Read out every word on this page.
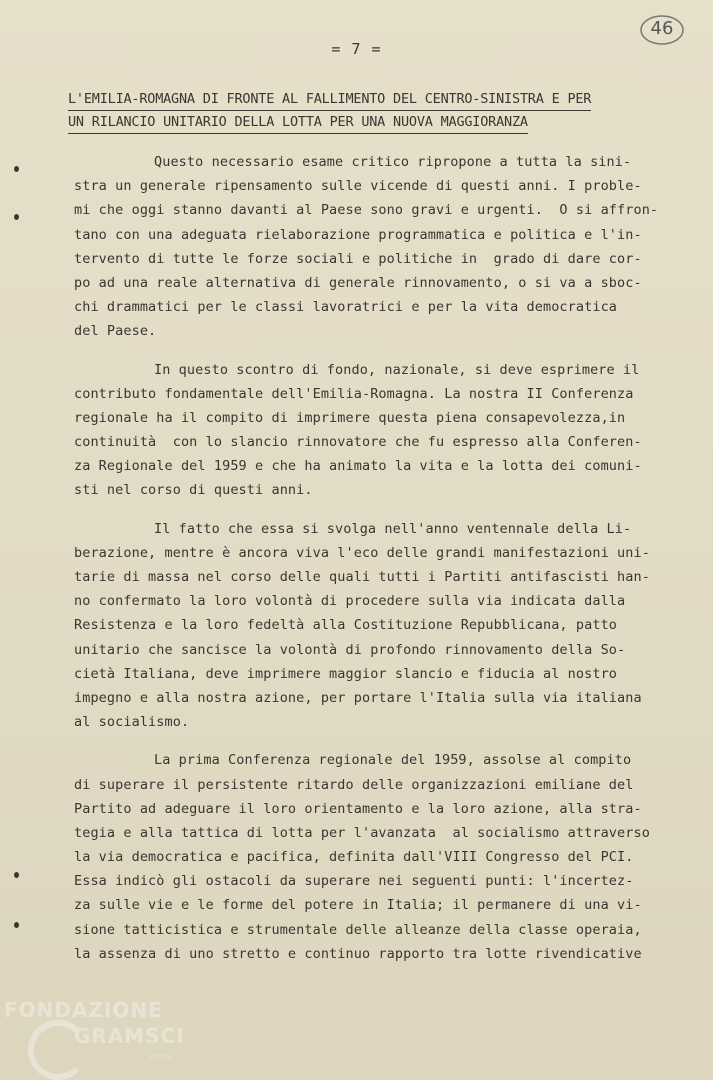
= 7 =
46
L'EMILIA-ROMAGNA DI FRONTE AL FALLIMENTO DEL CENTRO-SINISTRA E PER
UN RILANCIO UNITARIO DELLA LOTTA PER UNA NUOVA MAGGIORANZA
Questo necessario esame critico ripropone a tutta la sini-
stra un generale ripensamento sulle vicende di questi anni. I proble-
mi che oggi stanno davanti al Paese sono gravi e urgenti.  O si affron-
tano con una adeguata rielaborazione programmatica e politica e l'in-
tervento di tutte le forze sociali e politiche in  grado di dare cor-
po ad una reale alternativa di generale rinnovamento, o si va a sboc-
chi drammatici per le classi lavoratrici e per la vita democratica
del Paese.
In questo scontro di fondo, nazionale, si deve esprimere il
contributo fondamentale dell'Emilia-Romagna. La nostra II Conferenza
regionale ha il compito di imprimere questa piena consapevolezza,in
continuità  con lo slancio rinnovatore che fu espresso alla Conferen-
za Regionale del 1959 e che ha animato la vita e la lotta dei comuni-
sti nel corso di questi anni.
Il fatto che essa si svolga nell'anno ventennale della Li-
berazione, mentre è ancora viva l'eco delle grandi manifestazioni uni-
tarie di massa nel corso delle quali tutti i Partiti antifascisti han-
no confermato la loro volontà di procedere sulla via indicata dalla
Resistenza e la loro fedeltà alla Costituzione Repubblicana, patto
unitario che sancisce la volontà di profondo rinnovamento della So-
cietà Italiana, deve imprimere maggior slancio e fiducia al nostro
impegno e alla nostra azione, per portare l'Italia sulla via italiana
al socialismo.
La prima Conferenza regionale del 1959, assolse al compito
di superare il persistente ritardo delle organizzazioni emiliane del
Partito ad adeguare il loro orientamento e la loro azione, alla stra-
tegia e alla tattica di lotta per l'avanzata  al socialismo attraverso
la via democratica e pacifica, definita dall'VIII Congresso del PCI.
Essa indicò gli ostacoli da superare nei seguenti punti: l'incertez-
za sulle vie e le forme del potere in Italia; il permanere di una vi-
sione tatticistica e strumentale delle alleanze della classe operaia,
la assenza di uno stretto e continuo rapporto tra lotte rivendicative
FONDAZIONE
GRAMSCI
onlus
